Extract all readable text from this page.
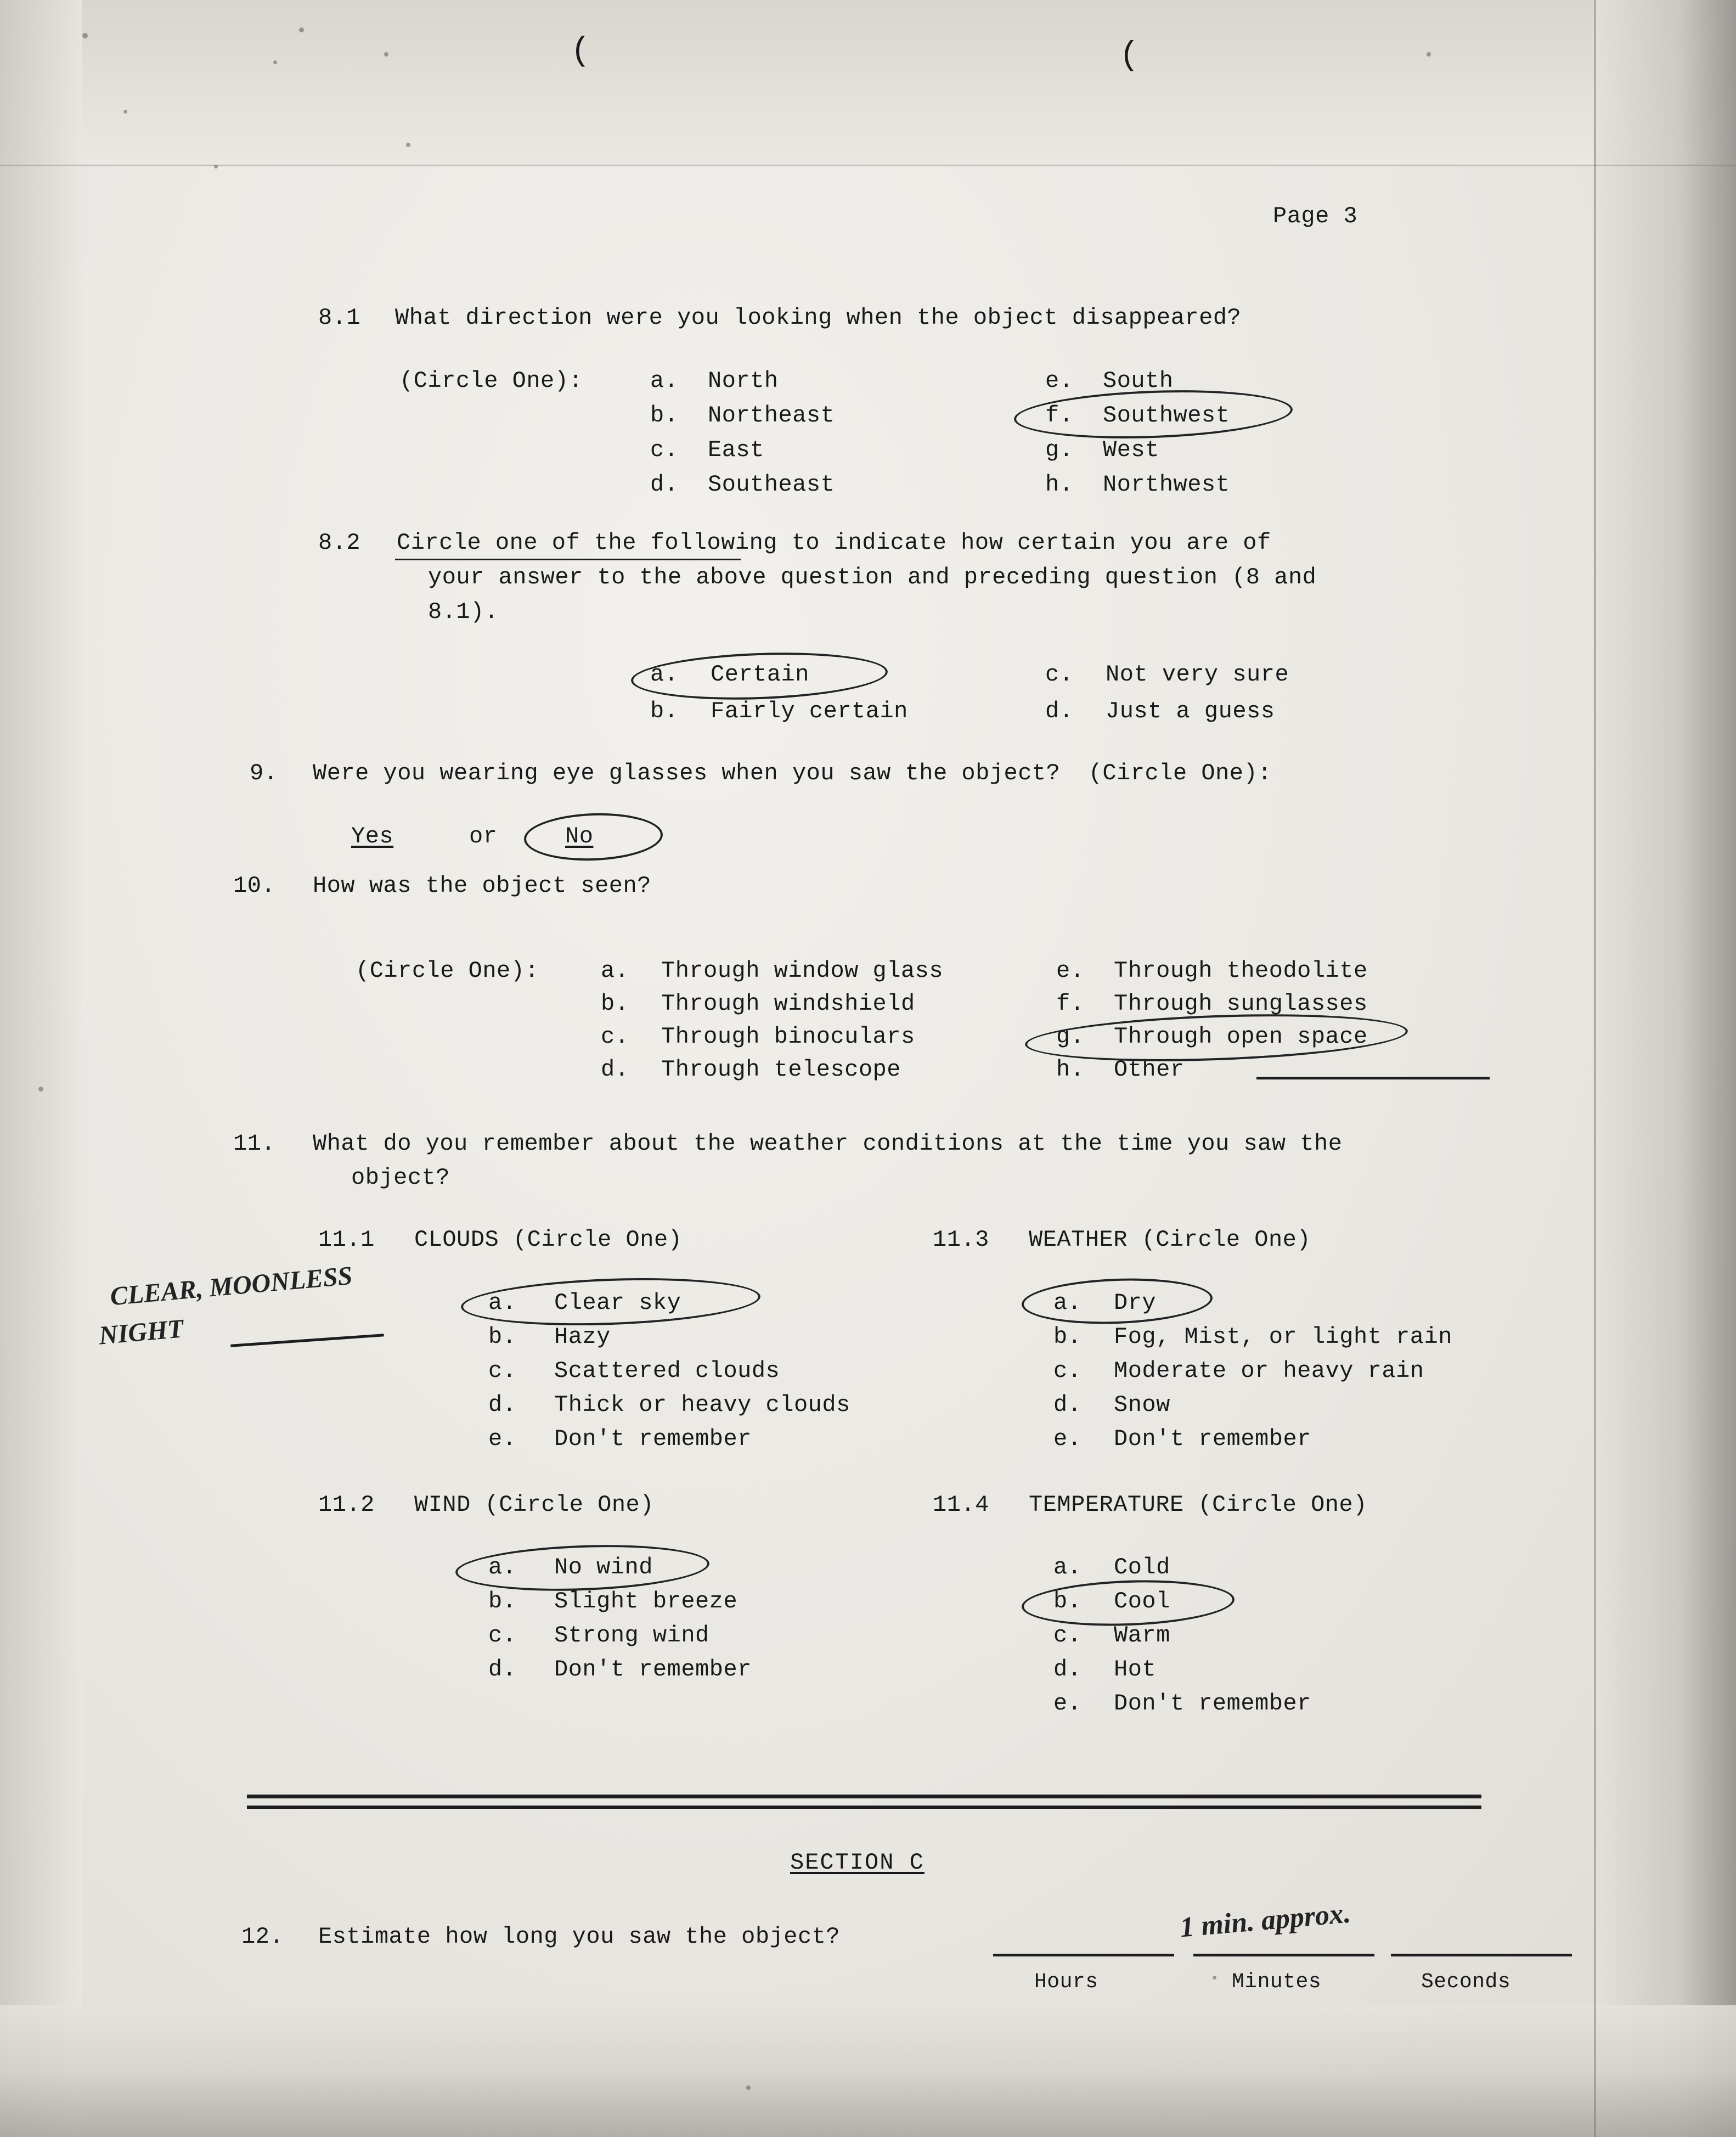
(	(
Page 3
8.1 What direction were you looking when the object disappeared?
(Circle One):	a. North
b. Northeast
c. East
d. Southeast
e. South
f. Southwest
g. West
h. Northwest
8.2 Circle one of the following to indicate how certain you are of
your answer to the above question and preceding question (8 and
8.1).
a. Certain
b. Fairly certain
c. Not very sure
d. Just a guess
9. Were you wearing eye glasses when you saw the object?  (Circle One):
Yes	or	No
10. How was the object seen?
(Circle One):	a. Through window glass
b. Through windshield
c. Through binoculars
d. Through telescope
e. Through theodolite
f. Through sunglasses
g. Through open space
h. Other
11. What do you remember about the weather conditions at the time you saw the
object?
11.1 CLOUDS (Circle One)
a. Clear sky
b. Hazy
c. Scattered clouds
d. Thick or heavy clouds
e. Don't remember
CLEAR, MOONLESS
NIGHT
11.3 WEATHER (Circle One)
a. Dry
b. Fog, Mist, or light rain
c. Moderate or heavy rain
d. Snow
e. Don't remember
11.2 WIND (Circle One)
a. No wind
b. Slight breeze
c. Strong wind
d. Don't remember
11.4 TEMPERATURE (Circle One)
a. Cold
b. Cool
c. Warm
d. Hot
e. Don't remember
SECTION C
12. Estimate how long you saw the object?	1 min. approx.
Hours	Minutes	Seconds
